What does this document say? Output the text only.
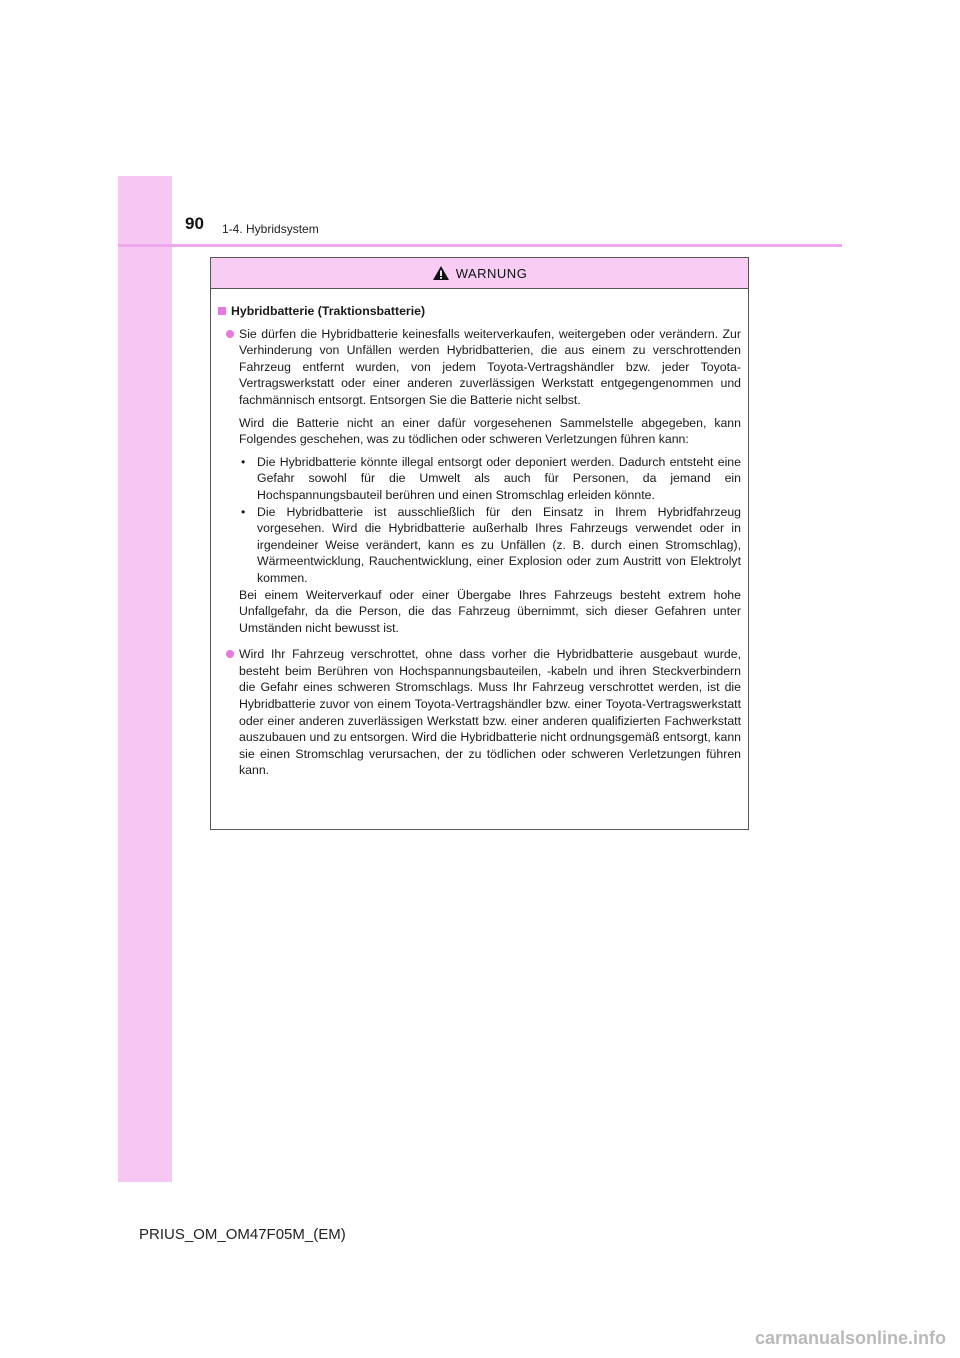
90 1-4. Hybridsystem
WARNUNG
Hybridbatterie (Traktionsbatterie)

Sie dürfen die Hybridbatterie keinesfalls weiterverkaufen, weitergeben oder verändern. Zur Verhinderung von Unfällen werden Hybridbatterien, die aus einem zu verschrottenden Fahrzeug entfernt wurden, von jedem Toyota-Vertragshändler bzw. jeder Toyota-Vertragswerkstatt oder einer anderen zuverlässigen Werkstatt entgegengenommen und fachmännisch entsorgt. Entsorgen Sie die Batterie nicht selbst.

Wird die Batterie nicht an einer dafür vorgesehenen Sammelstelle abgegeben, kann Folgendes geschehen, was zu tödlichen oder schweren Verletzungen führen kann:

• Die Hybridbatterie könnte illegal entsorgt oder deponiert werden. Dadurch entsteht eine Gefahr sowohl für die Umwelt als auch für Personen, da jemand ein Hochspannungsbauteil berühren und einen Stromschlag erleiden könnte.
• Die Hybridbatterie ist ausschließlich für den Einsatz in Ihrem Hybridfahrzeug vorgesehen. Wird die Hybridbatterie außerhalb Ihres Fahrzeugs verwendet oder in irgendeiner Weise verändert, kann es zu Unfällen (z. B. durch einen Stromschlag), Wärmeentwicklung, Rauchentwicklung, einer Explosion oder zum Austritt von Elektrolyt kommen.

Bei einem Weiterverkauf oder einer Übergabe Ihres Fahrzeugs besteht extrem hohe Unfallgefahr, da die Person, die das Fahrzeug übernimmt, sich dieser Gefahren unter Umständen nicht bewusst ist.

Wird Ihr Fahrzeug verschrottet, ohne dass vorher die Hybridbatterie ausgebaut wurde, besteht beim Berühren von Hochspannungsbauteilen, -kabeln und ihren Steckverbindern die Gefahr eines schweren Stromschlags. Muss Ihr Fahrzeug verschrottet werden, ist die Hybridbatterie zuvor von einem Toyota-Vertragshändler bzw. einer Toyota-Vertragswerkstatt oder einer anderen zuverlässigen Werkstatt bzw. einer anderen qualifizierten Fachwerkstatt auszubauen und zu entsorgen. Wird die Hybridbatterie nicht ordnungsgemäß entsorgt, kann sie einen Stromschlag verursachen, der zu tödlichen oder schweren Verletzungen führen kann.

PRIUS_OM_OM47F05M_(EM)
carmanualsonline.info
